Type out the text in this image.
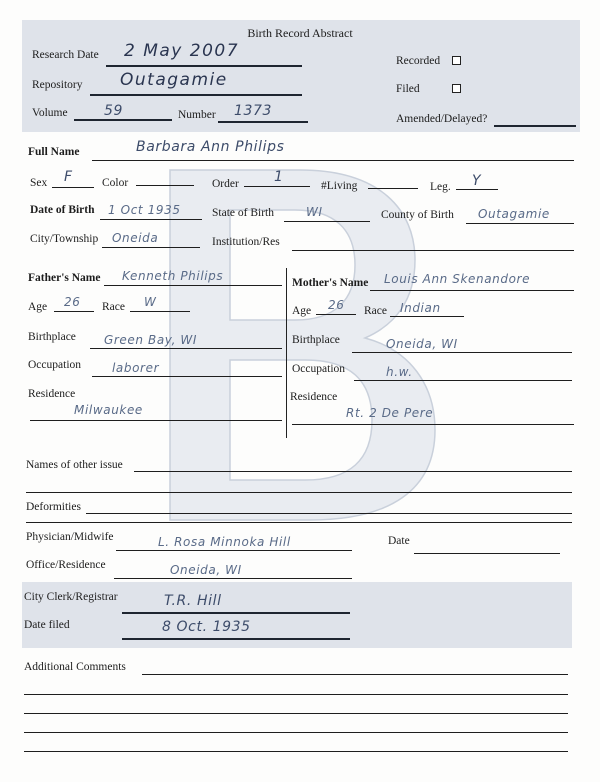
Birth Record Abstract
Research Date 2 May 2007
Repository Outagamie
Volume	59	Number 1373
Recorded
Filed
Amended/Delayed?
Full Name	Barbara Ann Philips
Sex F	Color	Order	1
#Living	Leg. Y
Date of Birth 1 Oct 1935	State of Birth	WI	County of Birth Outagamie
City/Township Oneida	Institution/Res
Father's Name Kenneth Philips
Age 26 Race W
Birthplace Green Bay, WI
Occupation	laborer
Residence
Milwaukee
Mother's Name Louis Ann Skenandore
Age 26 Race Indian
Birthplace	Oneida, WI
Occupation	h.w.
Residence
Rt. 2 De Pere
Names of other issue
Deformities
Physician/Midwife	L. Rosa Minnoka Hill	Date
Office/Residence	Oneida, WI
City Clerk/Registrar	T.R. Hill
Date filed	8 Oct. 1935
Additional Comments
